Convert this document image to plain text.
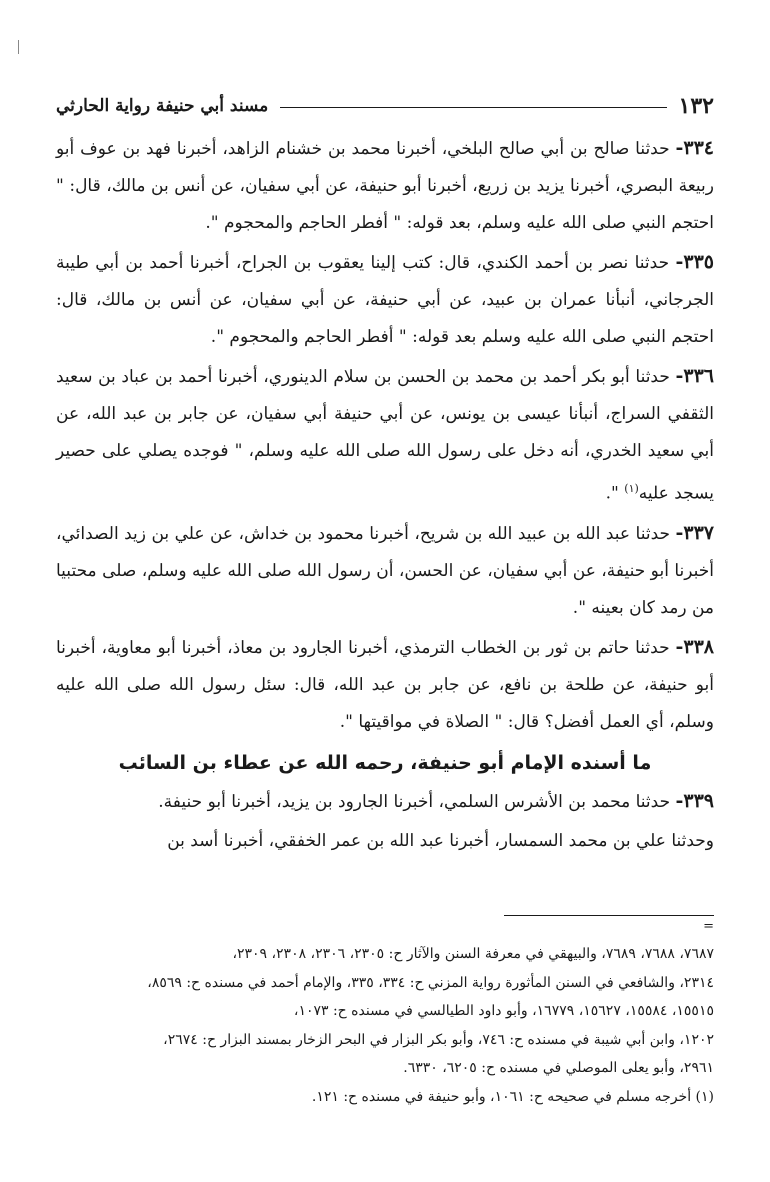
١٣٢
مسند أبي حنيفة رواية الحارثي

٣٣٤- حدثنا صالح بن أبي صالح البلخي، أخبرنا محمد بن خشنام الزاهد، أخبرنا فهد بن عوف أبو ربيعة البصري، أخبرنا يزيد بن زريع، أخبرنا أبو حنيفة، عن أبي سفيان، عن أنس بن مالك، قال: " احتجم النبي صلى الله عليه وسلم، بعد قوله: " أفطر الحاجم والمحجوم ".

٣٣٥- حدثنا نصر بن أحمد الكندي، قال: كتب إلينا يعقوب بن الجراح، أخبرنا أحمد بن أبي طيبة الجرجاني، أنبأنا عمران بن عبيد، عن أبي حنيفة، عن أبي سفيان، عن أنس بن مالك، قال: احتجم النبي صلى الله عليه وسلم بعد قوله: " أفطر الحاجم والمحجوم ".

٣٣٦- حدثنا أبو بكر أحمد بن محمد بن الحسن بن سلام الدينوري، أخبرنا أحمد بن عباد بن سعيد الثقفي السراج، أنبأنا عيسى بن يونس، عن أبي حنيفة أبي سفيان، عن جابر بن عبد الله، عن أبي سعيد الخدري، أنه دخل على رسول الله صلى الله عليه وسلم، " فوجده يصلي على حصير يسجد عليه$^{(١)}$ ".

٣٣٧- حدثنا عبد الله بن عبيد الله بن شريح، أخبرنا محمود بن خداش، عن علي بن زيد الصدائي، أخبرنا أبو حنيفة، عن أبي سفيان، عن الحسن، أن رسول الله صلى الله عليه وسلم، صلى محتبيا من رمد كان بعينه ".

٣٣٨- حدثنا حاتم بن ثور بن الخطاب الترمذي، أخبرنا الجارود بن معاذ، أخبرنا أبو معاوية، أخبرنا أبو حنيفة، عن طلحة بن نافع، عن جابر بن عبد الله، قال: سئل رسول الله صلى الله عليه وسلم، أي العمل أفضل؟ قال: " الصلاة في مواقيتها ".

ما أسنده الإمام أبو حنيفة، رحمه الله عن عطاء بن السائب

٣٣٩- حدثنا محمد بن الأشرس السلمي، أخبرنا الجارود بن يزيد، أخبرنا أبو حنيفة.

وحدثنا علي بن محمد السمسار، أخبرنا عبد الله بن عمر الخفقي، أخبرنا أسد بن

=

٧٦٨٧، ٧٦٨٨، ٧٦٨٩، والبيهقي في معرفة السنن والآثار ح: ٢٣٠٥، ٢٣٠٦، ٢٣٠٨، ٢٣٠٩،

٢٣١٤، والشافعي في السنن المأثورة رواية المزني ح: ٣٣٤، ٣٣٥، والإمام أحمد في مسنده ح: ٨٥٦٩،

١٥٥١٥، ١٥٥٨٤، ١٥٦٢٧، ١٦٧٧٩، وأبو داود الطيالسي في مسنده ح: ١٠٧٣،

١٢٠٢، وابن أبي شيبة في مسنده ح: ٧٤٦، وأبو بكر البزار في البحر الزخار بمسند البزار ح: ٢٦٧٤،

٢٩٦١، وأبو يعلى الموصلي في مسنده ح: ٦٢٠٥، ٦٣٣٠.

(١) أخرجه مسلم في صحيحه ح: ١٠٦١، وأبو حنيفة في مسنده ح: ١٢١.
